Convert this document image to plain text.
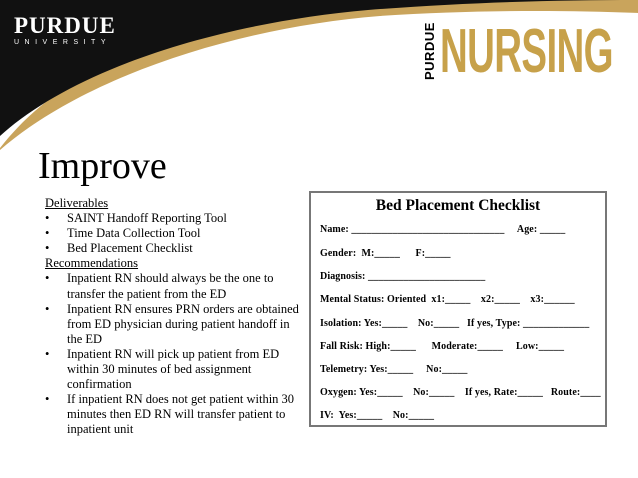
PURDUE
UNIVERSITY	PURDUE NURSING
Improve
Deliverables
• SAINT Handoff Reporting Tool
• Time Data Collection Tool
• Bed Placement Checklist
Recommendations
• Inpatient RN should always be the one to transfer the patient from the ED
• Inpatient RN ensures PRN orders are obtained from ED physician during patient handoff in the ED
• Inpatient RN will pick up patient from ED within 30 minutes of bed assignment confirmation
• If inpatient RN does not get patient within 30 minutes then ED RN will transfer patient to inpatient unit
Bed Placement Checklist
Name: ______________________________     Age: _____
Gender:  M:_____      F:_____
Diagnosis: _______________________
Mental Status: Oriented  x1:_____    x2:_____    x3:______
Isolation: Yes:_____    No:_____   If yes, Type: _____________
Fall Risk: High:_____      Moderate:_____     Low:_____
Telemetry: Yes:_____     No:_____
Oxygen: Yes:_____    No:_____    If yes, Rate:_____   Route:____
IV:  Yes:_____    No:_____
